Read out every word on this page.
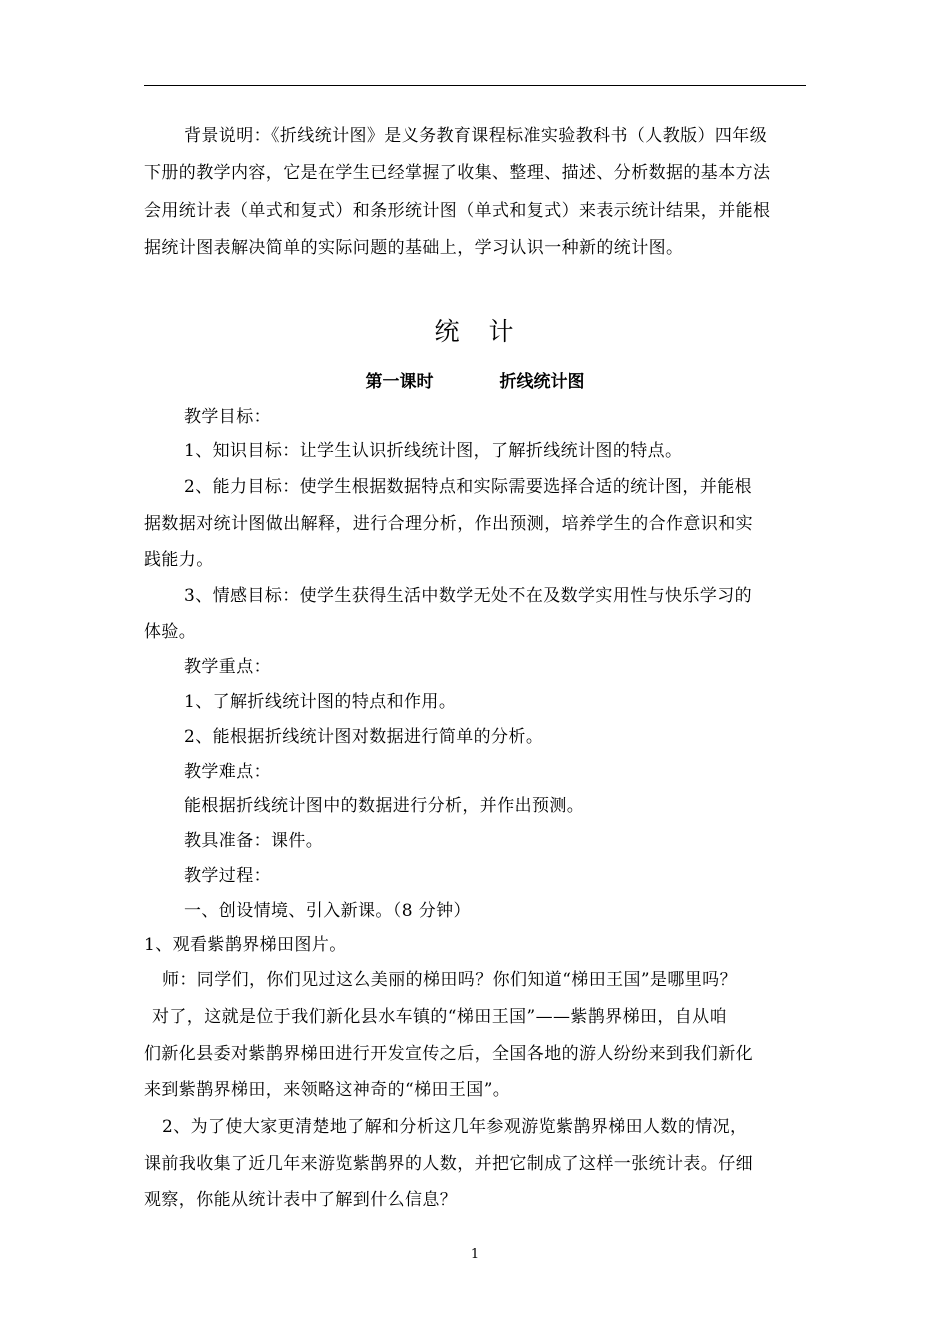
背景说明：《折线统计图》是义务教育课程标准实验教科书（人教版）四年级
下册的教学内容，它是在学生已经掌握了收集、整理、描述、分析数据的基本方法
会用统计表（单式和复式）和条形统计图（单式和复式）来表示统计结果，并能根
据统计图表解决简单的实际问题的基础上，学习认识一种新的统计图。
统　计
第一课时	折线统计图
教学目标：
1、知识目标：让学生认识折线统计图，了解折线统计图的特点。
2、能力目标：使学生根据数据特点和实际需要选择合适的统计图，并能根
据数据对统计图做出解释，进行合理分析，作出预测，培养学生的合作意识和实
践能力。
3、情感目标：使学生获得生活中数学无处不在及数学实用性与快乐学习的
体验。
教学重点：
1、了解折线统计图的特点和作用。
2、能根据折线统计图对数据进行简单的分析。
教学难点：
能根据折线统计图中的数据进行分析，并作出预测。
教具准备：课件。
教学过程：
一、创设情境、引入新课。（8 分钟）
1、观看紫鹊界梯田图片。
师：同学们，你们见过这么美丽的梯田吗？你们知道“梯田王国”是哪里吗？
对了，这就是位于我们新化县水车镇的“梯田王国”——紫鹊界梯田，自从咱
们新化县委对紫鹊界梯田进行开发宣传之后，全国各地的游人纷纷来到我们新化
来到紫鹊界梯田，来领略这神奇的“梯田王国”。
2、为了使大家更清楚地了解和分析这几年参观游览紫鹊界梯田人数的情况，
课前我收集了近几年来游览紫鹊界的人数，并把它制成了这样一张统计表。仔细
观察，你能从统计表中了解到什么信息？
1
